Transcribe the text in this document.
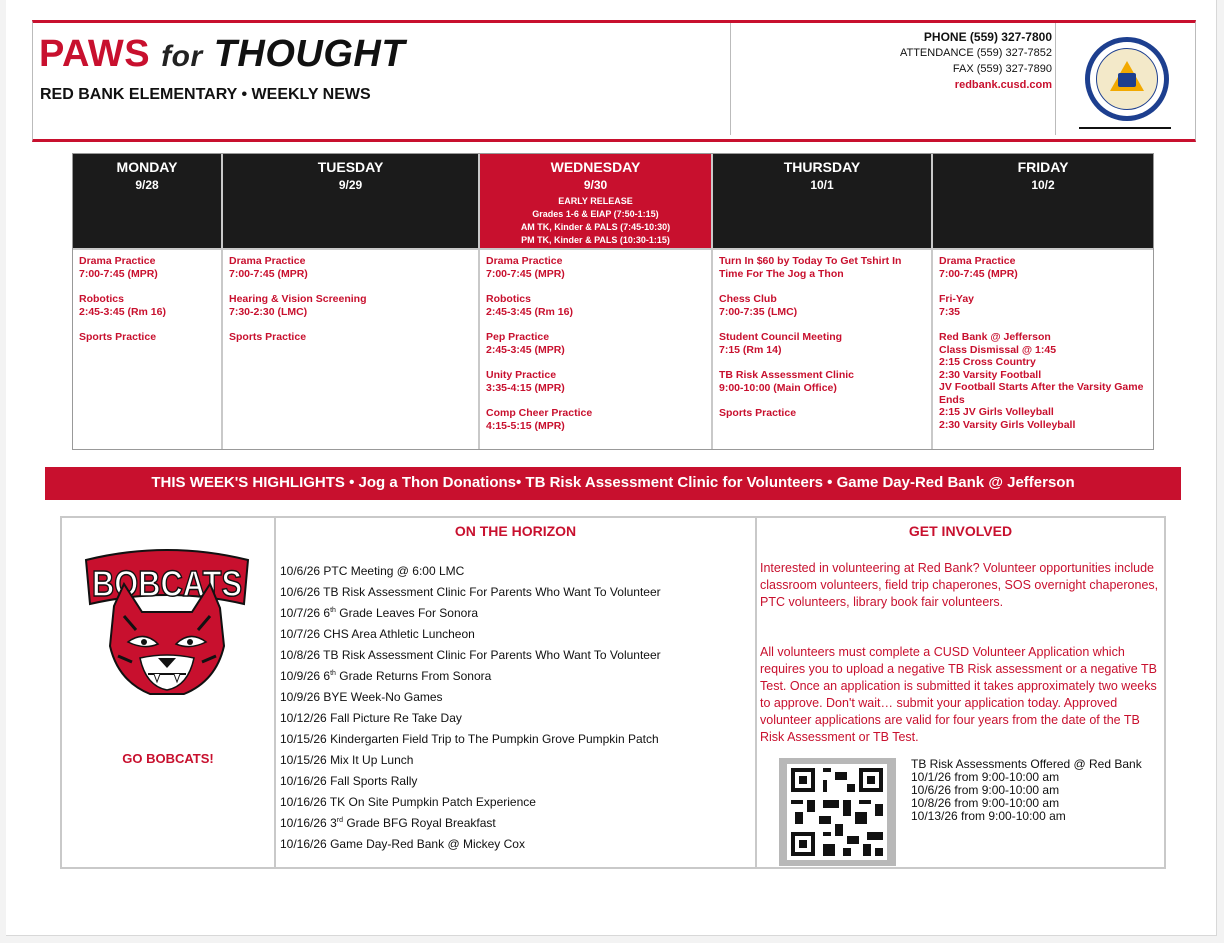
PAWS for THOUGHT
RED BANK ELEMENTARY • WEEKLY NEWS
PHONE (559) 327-7800
ATTENDANCE (559) 327-7852
FAX (559) 327-7890
redbank.cusd.com
MONDAY
9/28
Drama Practice
7:00-7:45 (MPR)
Robotics
2:45-3:45 (Rm 16)
Sports Practice
TUESDAY
9/29
Drama Practice
7:00-7:45 (MPR)
Hearing & Vision Screening
7:30-2:30 (LMC)
Sports Practice
WEDNESDAY
9/30
EARLY RELEASE
Grades 1-6 & EIAP (7:50-1:15)
AM TK, Kinder & PALS (7:45-10:30)
PM TK, Kinder & PALS (10:30-1:15)
Drama Practice
7:00-7:45 (MPR)
Robotics
2:45-3:45 (Rm 16)
Pep Practice
2:45-3:45 (MPR)
Unity Practice
3:35-4:15 (MPR)
Comp Cheer Practice
4:15-5:15 (MPR)
THURSDAY
10/1
Turn In $60 by Today To Get Tshirt In
Time For The Jog a Thon
Chess Club
7:00-7:35 (LMC)
Student Council Meeting
7:15 (Rm 14)
TB Risk Assessment Clinic
9:00-10:00 (Main Office)
Sports Practice
FRIDAY
10/2
Drama Practice
7:00-7:45 (MPR)
Fri-Yay
7:35
Red Bank @ Jefferson
Class Dismissal @ 1:45
2:15 Cross Country
2:30 Varsity Football
JV Football Starts After the Varsity Game Ends
2:15 JV Girls Volleyball
2:30 Varsity Girls Volleyball
THIS WEEK'S HIGHLIGHTS • Jog a Thon Donations• TB Risk Assessment Clinic for Volunteers • Game Day-Red Bank @ Jefferson
BOBCATS
GO BOBCATS!
ON THE HORIZON
10/6/26 PTC Meeting @ 6:00 LMC
10/6/26 TB Risk Assessment Clinic For Parents Who Want To Volunteer
10/7/26 6th Grade Leaves For Sonora
10/7/26 CHS Area Athletic Luncheon
10/8/26 TB Risk Assessment Clinic For Parents Who Want To Volunteer
10/9/26 6th Grade Returns From Sonora
10/9/26 BYE Week-No Games
10/12/26 Fall Picture Re Take Day
10/15/26 Kindergarten Field Trip to The Pumpkin Grove Pumpkin Patch
10/15/26 Mix It Up Lunch
10/16/26 Fall Sports Rally
10/16/26 TK On Site Pumpkin Patch Experience
10/16/26 3rd Grade BFG Royal Breakfast
10/16/26 Game Day-Red Bank @ Mickey Cox
GET INVOLVED
Interested in volunteering at Red Bank? Volunteer opportunities include classroom volunteers, field trip chaperones, SOS overnight chaperones, PTC volunteers, library book fair volunteers.
All volunteers must complete a CUSD Volunteer Application which requires you to upload a negative TB Risk assessment or a negative TB Test. Once an application is submitted it takes approximately two weeks to approve. Don't wait… submit your application today. Approved volunteer applications are valid for four years from the date of the TB Risk Assessment or TB Test.
TB Risk Assessments Offered @ Red Bank
10/1/26 from 9:00-10:00 am
10/6/26 from 9:00-10:00 am
10/8/26 from 9:00-10:00 am
10/13/26 from 9:00-10:00 am
